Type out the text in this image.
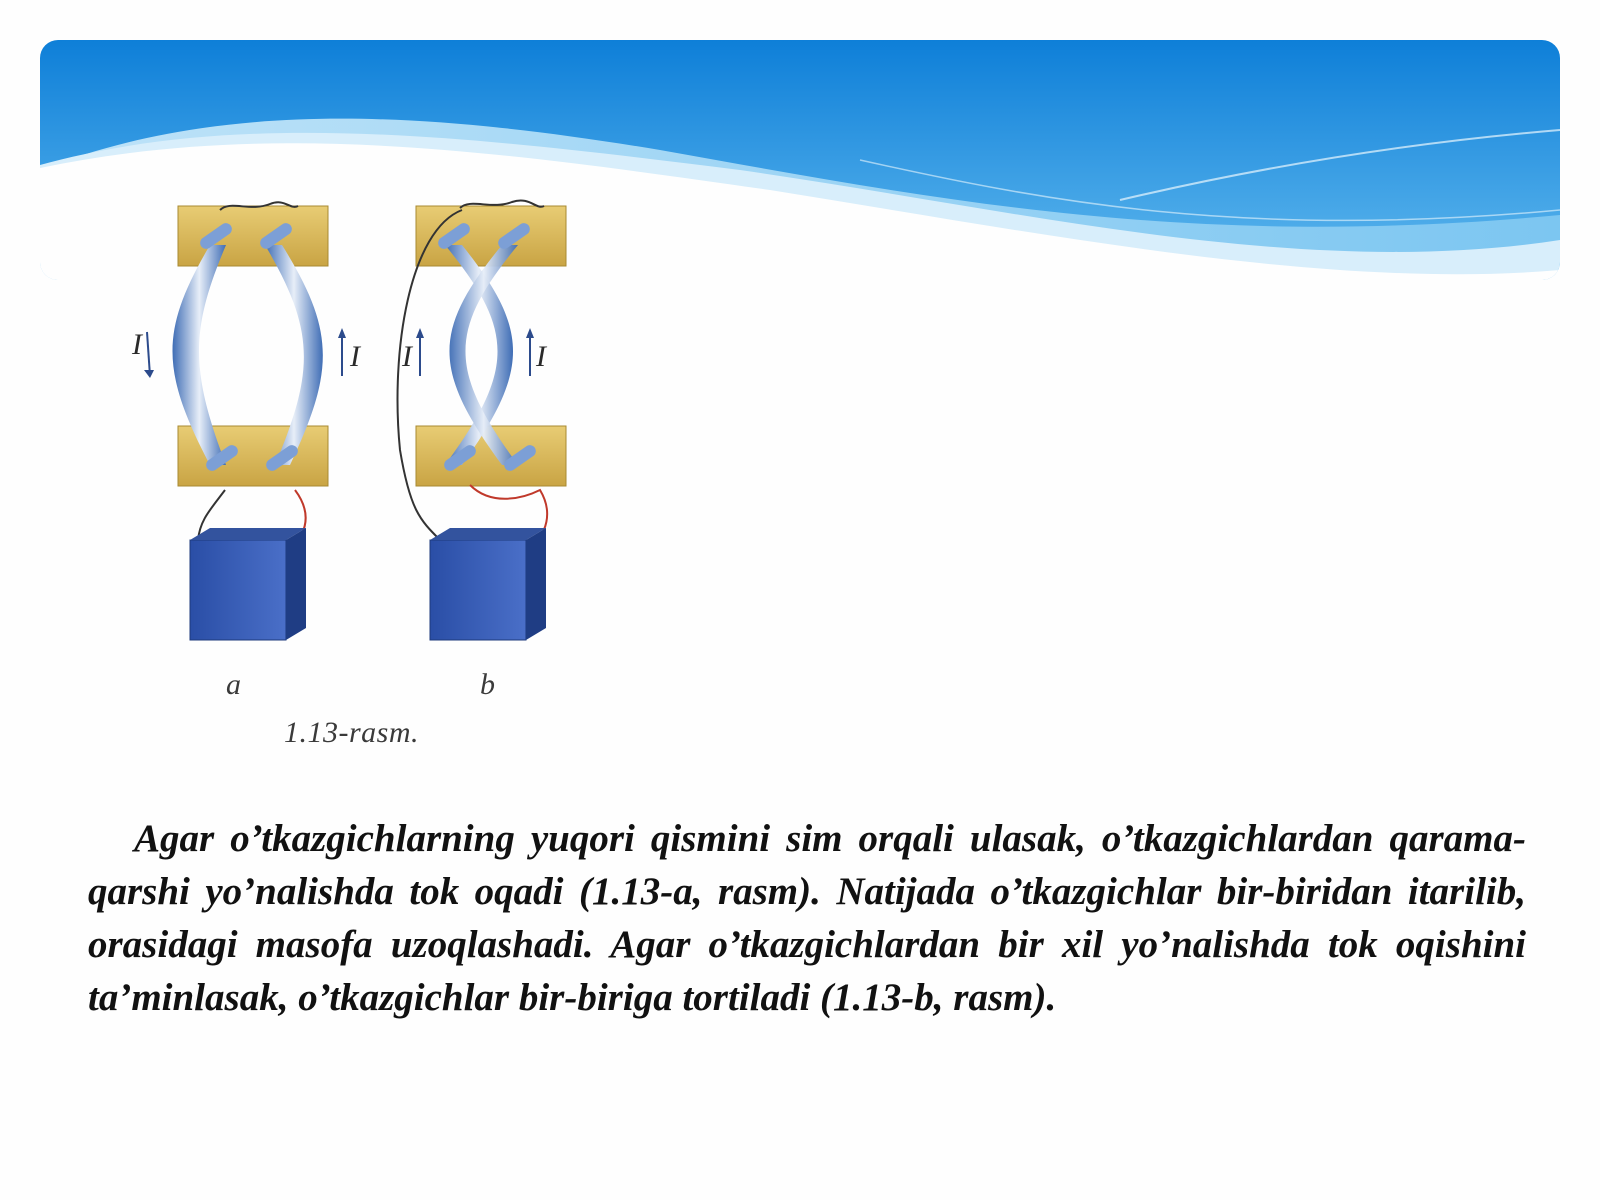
I	I I	I
a	b
1.13-rasm.

Agar o’tkazgichlarning yuqori qismini sim orqali ulasak, o’tkazgichlardan qarama-qarshi yo’nalishda tok oqadi (1.13-a, rasm). Natijada o’tkazgichlar bir-biridan itarilib, orasidagi masofa uzoqlashadi. Agar o’tkazgichlardan bir xil yo’nalishda tok oqishini ta’minlasak, o’tkazgichlar bir-biriga tortiladi (1.13-b, rasm).
